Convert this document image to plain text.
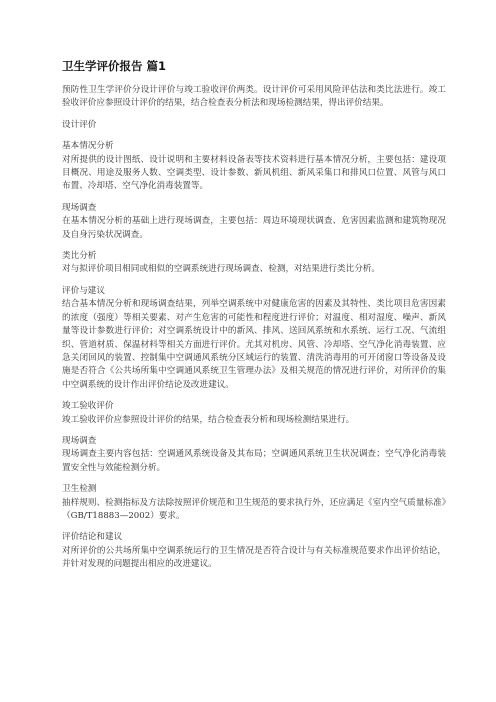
卫生学评价报告 篇1

预防性卫生学评价分设计评价与竣工验收评价两类。设计评价可采用风险评估法和类比法进行。竣工验收评价应参照设计评价的结果，结合检查表分析法和现场检测结果，得出评价结果。

设计评价

基本情况分析

对所提供的设计图纸、设计说明和主要材料设备表等技术资料进行基本情况分析，主要包括：建设项目概况、用途及服务人数、空调类型、设计参数、新风机组、新风采集口和排风口位置、风管与风口布置、冷却塔、空气净化消毒装置等。

现场调查

在基本情况分析的基础上进行现场调查，主要包括：周边环境现状调查、危害因素监测和建筑物现况及自身污染状况调查。

类比分析

对与拟评价项目相同或相似的空调系统进行现场调查、检测，对结果进行类比分析。

评价与建议

结合基本情况分析和现场调查结果，列举空调系统中对健康危害的因素及其特性、类比项目危害因素的浓度（强度）等相关要素、对产生危害的可能性和程度进行评价；对温度、相对湿度、噪声、新风量等设计参数进行评价；对空调系统设计中的新风、排风、送回风系统和水系统、运行工况、气流组织、管道材质、保温材料等相关方面进行评价。尤其对机房、风管、冷却塔、空气净化消毒装置、应急关闭回风的装置、控制集中空调通风系统分区域运行的装置、清洗消毒用的可开闭窗口等设备及设施是否符合《公共场所集中空调通风系统卫生管理办法》及相关规范的情况进行评价，对所评价的集中空调系统的设计作出评价结论及改进建议。

竣工验收评价

竣工验收评价应参照设计评价的结果，结合检查表分析和现场检测结果进行。

现场调查

现场调查主要内容包括：空调通风系统设备及其布局；空调通风系统卫生状况调查；空气净化消毒装置安全性与效能检测分析。

卫生检测

抽样规则、检测指标及方法除按照评价规范和卫生规范的要求执行外，还应满足《室内空气质量标准》（GB/T18883—2002）要求。

评价结论和建议

对所评价的公共场所集中空调系统运行的卫生情况是否符合设计与有关标准规范要求作出评价结论，并针对发现的问题提出相应的改进建议。
